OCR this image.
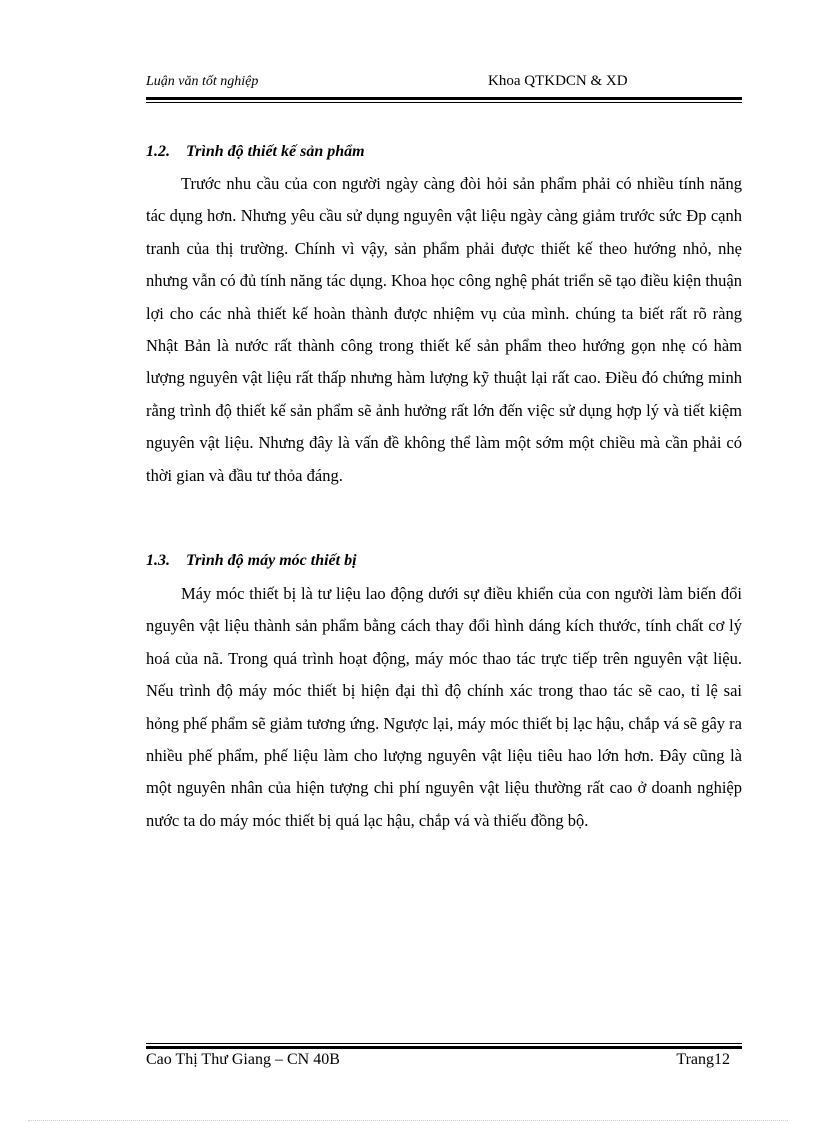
Luận văn tốt nghiệp	Khoa QTKDCN & XD
1.2. Trình độ thiết kế sản phẩm

Trước nhu cầu của con người ngày càng đòi hỏi sản phẩm phải có nhiều tính năng tác dụng hơn. Nhưng yêu cầu sử dụng nguyên vật liệu ngày càng giảm trước sức Đp cạnh tranh của thị trường. Chính vì vậy, sản phẩm phải được thiết kế theo hướng nhỏ, nhẹ nhưng vẫn có đủ tính năng tác dụng. Khoa học công nghệ phát triển sẽ tạo điều kiện thuận lợi cho các nhà thiết kế hoàn thành được nhiệm vụ của mình. chúng ta biết rất rõ ràng Nhật Bản là nước rất thành công trong thiết kế sản phẩm theo hướng gọn nhẹ có hàm lượng nguyên vật liệu rất thấp nhưng hàm lượng kỹ thuật lại rất cao. Điều đó chứng minh rằng trình độ thiết kế sản phẩm sẽ ảnh hưởng rất lớn đến việc sử dụng hợp lý và tiết kiệm nguyên vật liệu. Nhưng đây là vấn đề không thể làm một sớm một chiều mà cần phải có thời gian và đầu tư thỏa đáng.

1.3. Trình độ máy móc thiết bị

Máy móc thiết bị là tư liệu lao động dưới sự điều khiển của con người làm biến đổi nguyên vật liệu thành sản phẩm bằng cách thay đổi hình dáng kích thước, tính chất cơ lý hoá của nã. Trong quá trình hoạt động, máy móc thao tác trực tiếp trên nguyên vật liệu. Nếu trình độ máy móc thiết bị hiện đại thì độ chính xác trong thao tác sẽ cao, tỉ lệ sai hỏng phế phẩm sẽ giảm tương ứng. Ngược lại, máy móc thiết bị lạc hậu, chắp vá sẽ gây ra nhiều phế phẩm, phế liệu làm cho lượng nguyên vật liệu tiêu hao lớn hơn. Đây cũng là một nguyên nhân của hiện tượng chi phí nguyên vật liệu thường rất cao ở doanh nghiệp nước ta do máy móc thiết bị quá lạc hậu, chắp vá và thiếu đồng bộ.

Cao Thị Thư Giang – CN 40B	Trang12
